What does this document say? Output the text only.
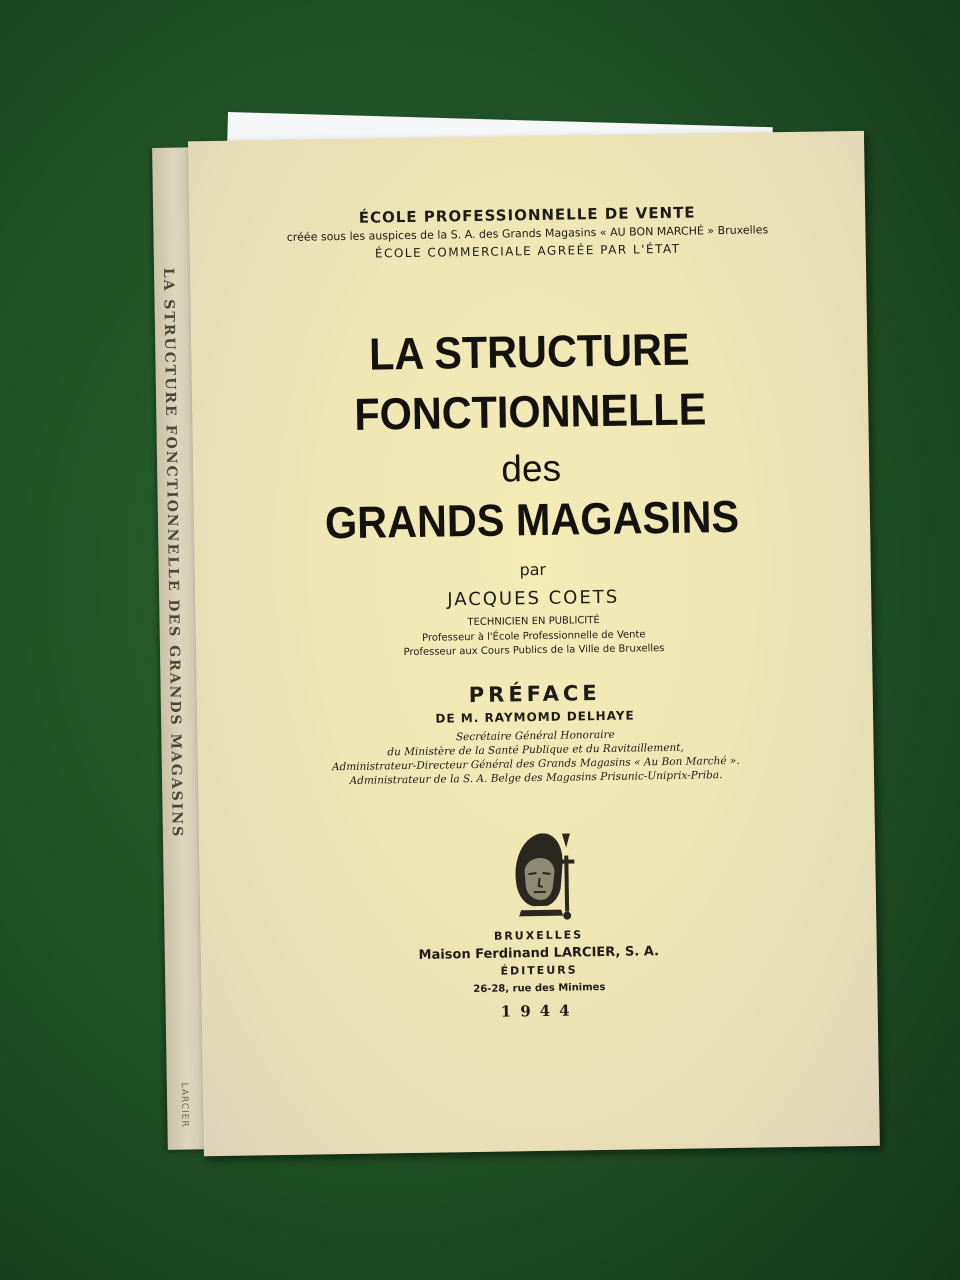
LA STRUCTURE FONCTIONNELLE DES GRANDS MAGASINS
LARCIER
ÉCOLE PROFESSIONNELLE DE VENTE
créée sous les auspices de la S. A. des Grands Magasins « AU BON MARCHÉ » Bruxelles
ÉCOLE COMMERCIALE AGREÉE PAR L'ÉTAT
LA STRUCTURE
FONCTIONNELLE
des
GRANDS MAGASINS
par
JACQUES COETS
TECHNICIEN EN PUBLICITÉ
Professeur à l'École Professionnelle de Vente
Professeur aux Cours Publics de la Ville de Bruxelles
PRÉFACE
DE M. RAYMOMD DELHAYE
Secrétaire Général Honoraire
du Ministère de la Santé Publique et du Ravitaillement,
Administrateur-Directeur Général des Grands Magasins « Au Bon Marché ».
Administrateur de la S. A. Belge des Magasins Prisunic-Uniprix-Priba.
BRUXELLES
Maison Ferdinand LARCIER, S. A.
ÉDITEURS
26-28, rue des Minimes
1944
